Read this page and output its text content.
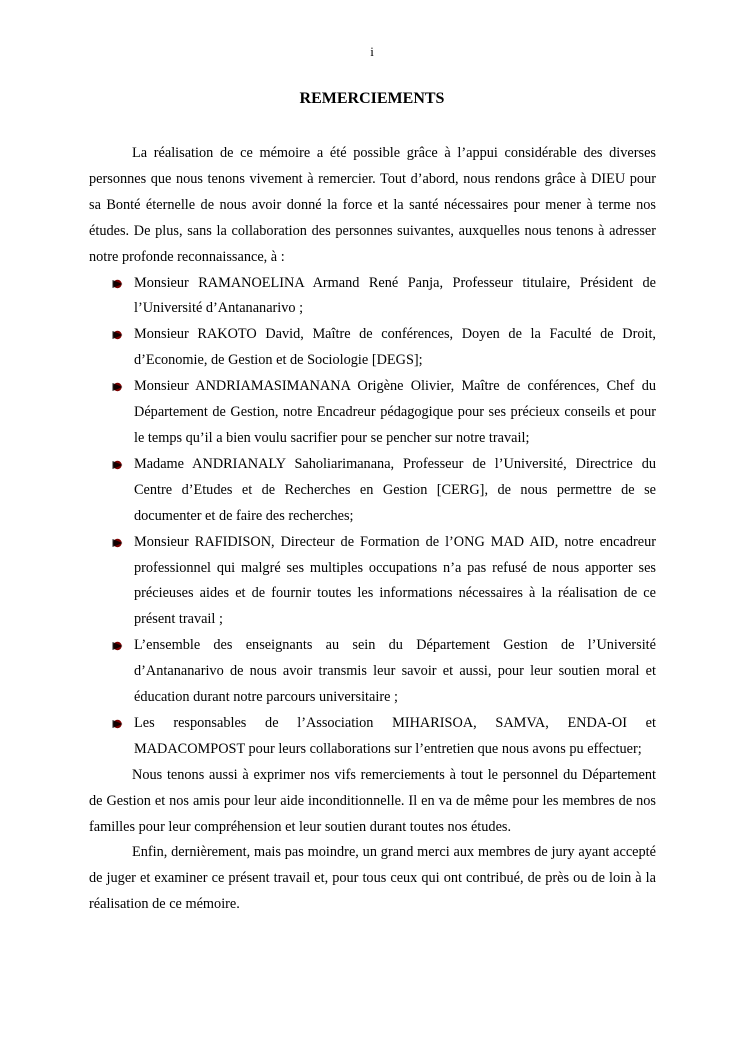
i
REMERCIEMENTS

La réalisation de ce mémoire a été possible grâce à l’appui considérable des diverses personnes que nous tenons vivement à remercier. Tout d’abord, nous rendons grâce à DIEU pour sa Bonté éternelle de nous avoir donné la force et la santé nécessaires pour mener à terme nos études. De plus, sans la collaboration des personnes suivantes, auxquelles nous tenons à adresser notre profonde reconnaissance, à :

Monsieur RAMANOELINA Armand René Panja, Professeur titulaire, Président de l’Université d’Antananarivo ;
Monsieur RAKOTO David, Maître de conférences, Doyen de la Faculté de Droit, d’Economie, de Gestion et de Sociologie [DEGS];
Monsieur ANDRIAMASIMANANA Origène Olivier, Maître de conférences, Chef du Département de Gestion, notre Encadreur pédagogique pour ses précieux conseils et pour le temps qu’il a bien voulu sacrifier pour se pencher sur notre travail;
Madame ANDRIANALY Saholiarimanana, Professeur de l’Université, Directrice du Centre d’Etudes et de Recherches en Gestion [CERG], de nous permettre de se documenter et de faire des recherches;
Monsieur RAFIDISON, Directeur de Formation de l’ONG MAD AID, notre encadreur professionnel qui malgré ses multiples occupations n’a pas refusé de nous apporter ses précieuses aides et de fournir toutes les informations nécessaires à la réalisation de ce présent travail ;
L’ensemble des enseignants au sein du Département Gestion de l’Université d’Antananarivo de nous avoir transmis leur savoir et aussi, pour leur soutien moral et éducation durant notre parcours universitaire ;
Les responsables de l’Association MIHARISOA, SAMVA, ENDA-OI et MADACOMPOST pour leurs collaborations sur l’entretien que nous avons pu effectuer;

Nous tenons aussi à exprimer nos vifs remerciements à tout le personnel du Département de Gestion et nos amis pour leur aide inconditionnelle. Il en va de même pour les membres de nos familles pour leur compréhension et leur soutien durant toutes nos études.

Enfin, dernièrement, mais pas moindre, un grand merci aux membres de jury ayant accepté de juger et examiner ce présent travail et, pour tous ceux qui ont contribué, de près ou de loin à la réalisation de ce mémoire.
